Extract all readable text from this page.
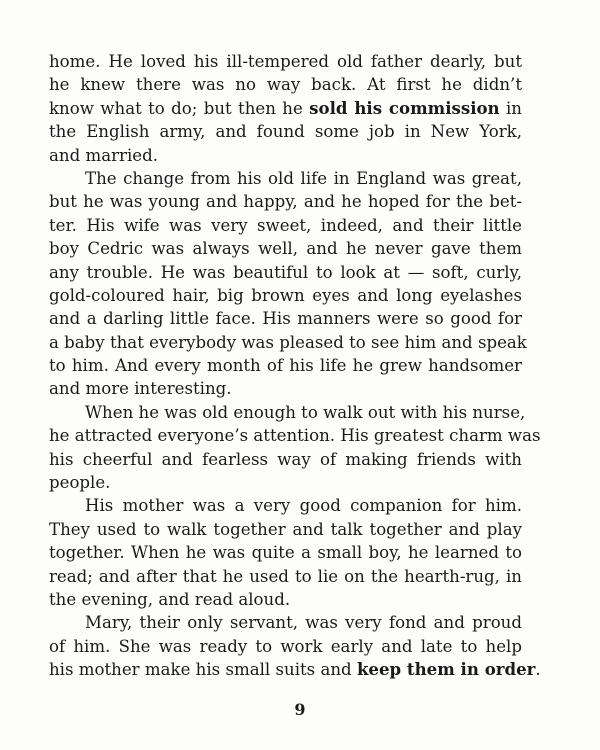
home. He loved his ill-tempered old father dearly, but
he knew there was no way back. At first he didn’t
know what to do; but then he sold his commission in
the English army, and found some job in New York,
and married.
The change from his old life in England was great,
but he was young and happy, and he hoped for the bet-
ter. His wife was very sweet, indeed, and their little
boy Cedric was always well, and he never gave them
any trouble. He was beautiful to look at — soft, curly,
gold-coloured hair, big brown eyes and long eyelashes
and a darling little face. His manners were so good for
a baby that everybody was pleased to see him and speak
to him. And every month of his life he grew handsomer
and more interesting.
When he was old enough to walk out with his nurse,
he attracted everyone’s attention. His greatest charm was
his cheerful and fearless way of making friends with
people.
His mother was a very good companion for him.
They used to walk together and talk together and play
together. When he was quite a small boy, he learned to
read; and after that he used to lie on the hearth-rug, in
the evening, and read aloud.
Mary, their only servant, was very fond and proud
of him. She was ready to work early and late to help
his mother make his small suits and keep them in order.
9
